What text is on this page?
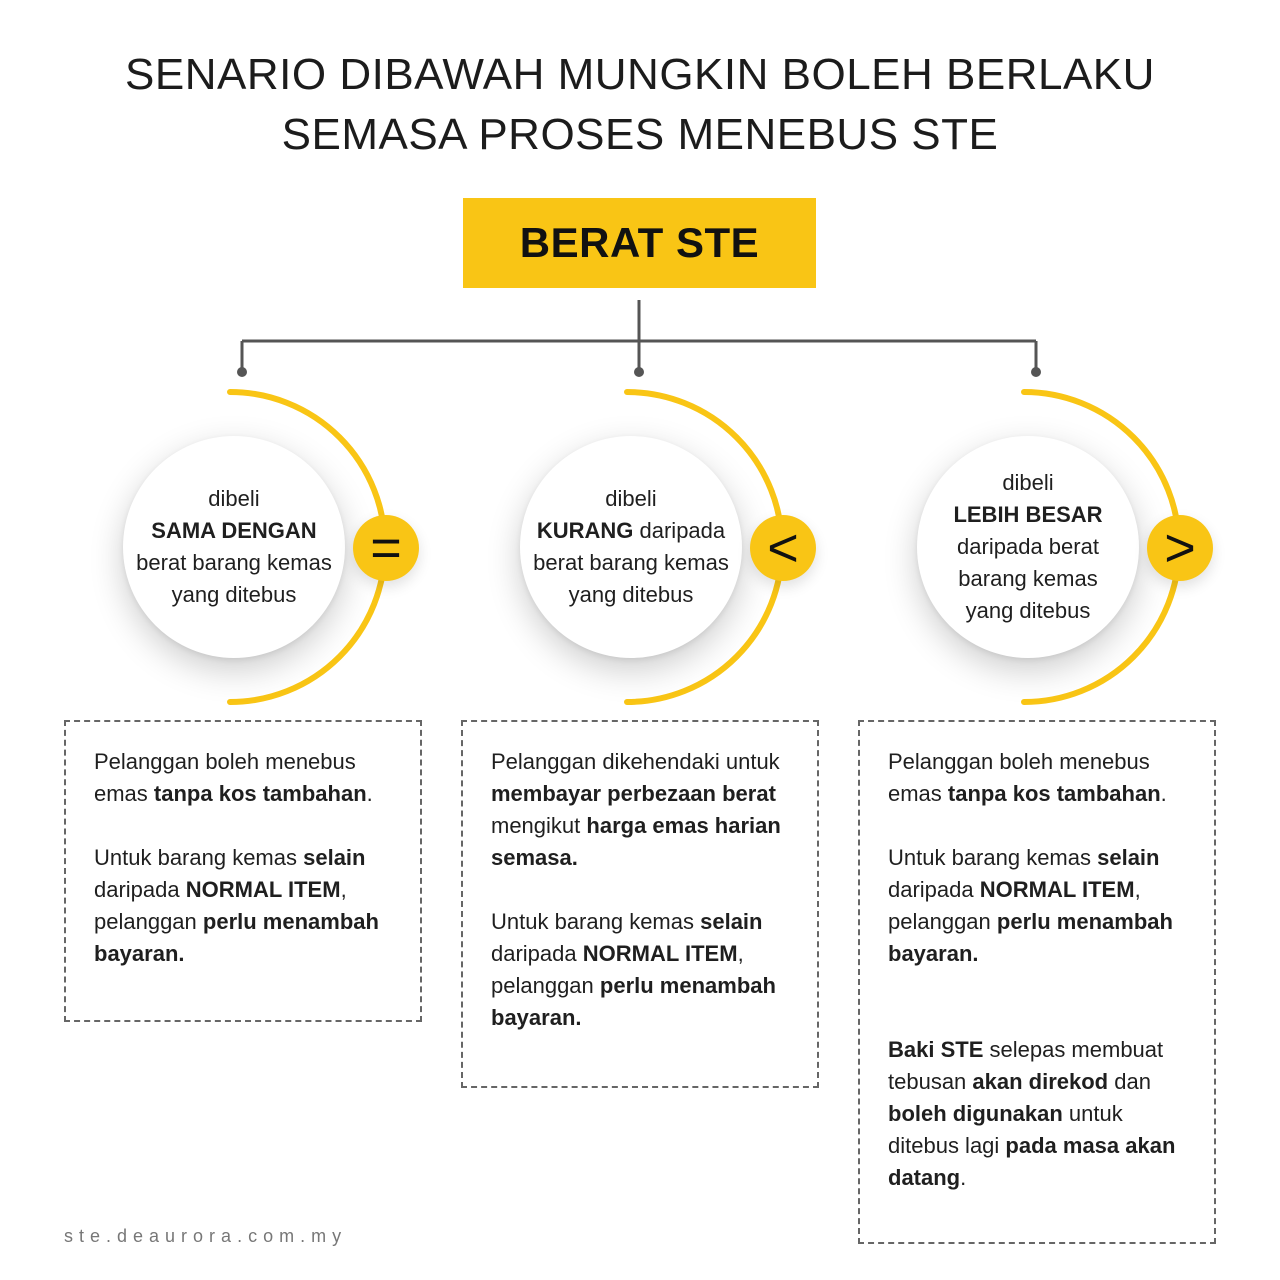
SENARIO DIBAWAH MUNGKIN BOLEH BERLAKU
SEMASA PROSES MENEBUS STE
BERAT STE
dibeli
SAMA DENGAN
berat barang kemas
yang ditebus
=
dibeli
KURANG daripada
berat barang kemas
yang ditebus
<
dibeli
LEBIH BESAR
daripada berat
barang kemas
yang ditebus
>

Pelanggan boleh menebus emas tanpa kos tambahan.

Untuk barang kemas selain daripada NORMAL ITEM, pelanggan perlu menambah bayaran.

Pelanggan dikehendaki untuk membayar perbezaan berat mengikut harga emas harian semasa.

Untuk barang kemas selain daripada NORMAL ITEM, pelanggan perlu menambah bayaran.

Pelanggan boleh menebus emas tanpa kos tambahan.

Untuk barang kemas selain daripada NORMAL ITEM, pelanggan perlu menambah bayaran.

Baki STE selepas membuat tebusan akan direkod dan boleh digunakan untuk ditebus lagi pada masa akan datang.

ste.deaurora.com.my
